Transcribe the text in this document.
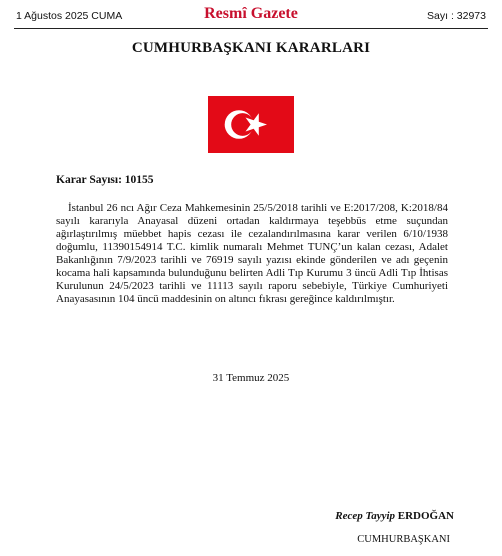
1 Ağustos 2025 CUMA	Resmî Gazete	Sayı : 32973
CUMHURBAŞKANI KARARLARI
Karar Sayısı: 10155

İstanbul 26 ncı Ağır Ceza Mahkemesinin 25/5/2018 tarihli ve E:2017/208, K:2018/84 sayılı kararıyla Anayasal düzeni ortadan kaldırmaya teşebbüs etme suçundan ağırlaştırılmış müebbet hapis cezası ile cezalandırılmasına karar verilen 6/10/1938 doğumlu, 11390154914 T.C. kimlik numaralı Mehmet TUNÇ’un kalan cezası, Adalet Bakanlığının 7/9/2023 tarihli ve 76919 sayılı yazısı ekinde gönderilen ve adı geçenin kocama hali kapsamında bulunduğunu belirten Adli Tıp Kurumu 3 üncü Adli Tıp İhtisas Kurulunun 24/5/2023 tarihli ve 11113 sayılı raporu sebebiyle, Türkiye Cumhuriyeti Anayasasının 104 üncü maddesinin on altıncı fıkrası gereğince kaldırılmıştır.

31 Temmuz 2025
Recep Tayyip ERDOĞAN
CUMHURBAŞKANI
